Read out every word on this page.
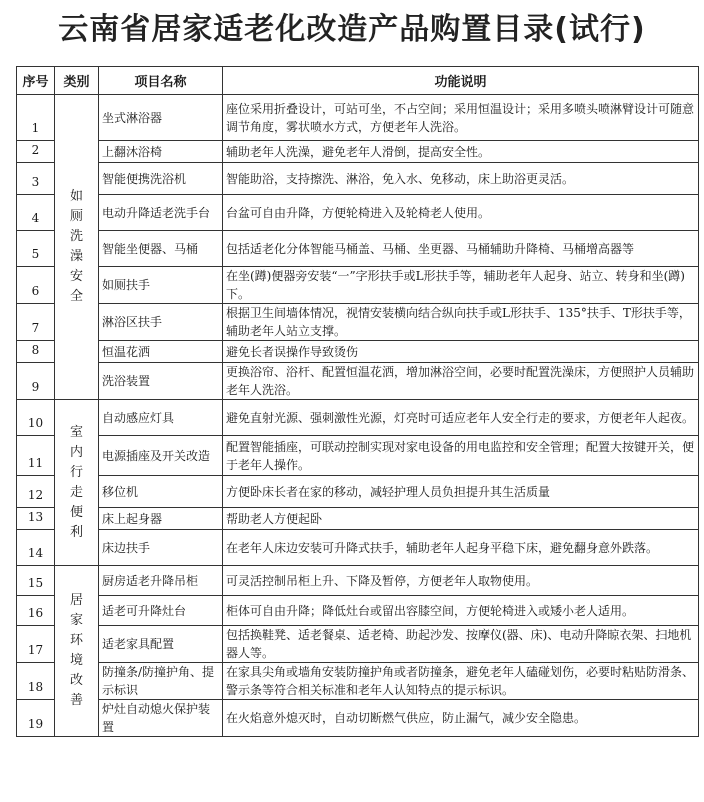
云南省居家适老化改造产品购置目录(试行)
序号	类别	项目名称	功能说明
1	如厕洗澡安全	坐式淋浴器	座位采用折叠设计，可站可坐，不占空间；采用恒温设计；采用多喷头喷淋臂设计可随意调节角度，雾状喷水方式，方便老年人洗浴。
2		上翻沐浴椅	辅助老年人洗澡，避免老年人滑倒，提高安全性。
3		智能便携洗浴机	智能助浴，支持擦洗、淋浴，免入水、免移动，床上助浴更灵活。
4		电动升降适老洗手台	台盆可自由升降，方便轮椅进入及轮椅老人使用。
5		智能坐便器、马桶	包括适老化分体智能马桶盖、马桶、坐更器、马桶辅助升降椅、马桶增高器等
6		如厕扶手	在坐(蹲)便器旁安装“一”字形扶手或L形扶手等，辅助老年人起身、站立、转身和坐(蹲)下。
7		淋浴区扶手	根据卫生间墙体情况，视情安装横向结合纵向扶手或L形扶手、135°扶手、T形扶手等，辅助老年人站立支撑。
8		恒温花洒	避免长者误操作导致烫伤
9		洗浴装置	更换浴帘、浴杆、配置恒温花洒，增加淋浴空间，必要时配置洗澡床，方便照护人员辅助老年人洗浴。
10	室内行走便利	自动感应灯具	避免直射光源、强刺激性光源，灯亮时可适应老年人安全行走的要求，方便老年人起夜。
11		电源插座及开关改造	配置智能插座，可联动控制实现对家电设备的用电监控和安全管理；配置大按键开关，便于老年人操作。
12		移位机	方便卧床长者在家的移动，减轻护理人员负担提升其生活质量
13		床上起身器	帮助老人方便起卧
14		床边扶手	在老年人床边安装可升降式扶手，辅助老年人起身平稳下床，避免翻身意外跌落。
15	居家环境改善	厨房适老升降吊柜	可灵活控制吊柜上升、下降及暂停，方便老年人取物使用。
16		适老可升降灶台	柜体可自由升降；降低灶台或留出容膝空间，方便轮椅进入或矮小老人适用。
17		适老家具配置	包括换鞋凳、适老餐桌、适老椅、助起沙发、按摩仪(器、床)、电动升降晾衣架、扫地机器人等。
18		防撞条/防撞护角、提示标识	在家具尖角或墙角安装防撞护角或者防撞条，避免老年人磕碰划伤，必要时粘贴防滑条、警示条等符合相关标准和老年人认知特点的提示标识。
19		炉灶自动熄火保护装置	在火焰意外熄灭时，自动切断燃气供应，防止漏气，减少安全隐患。
